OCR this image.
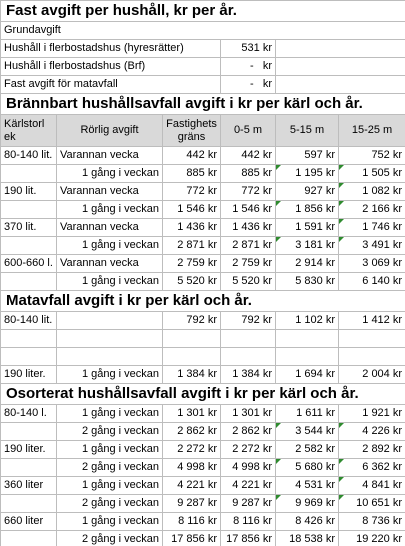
Fast avgift per hushåll, kr per år.					
Grundavgift					
Hushåll i flerbostadshus (hyresrätter)			531 kr		
Hushåll i flerbostadshus (Brf)			- kr		
Fast avgift för matavfall			- kr		
Brännbart hushållsavfall avgift i kr per kärl och år.					
Kärlstorl ek	Rörlig avgift	Fastighets gräns	0-5 m	5-15 m	15-25 m
80-140 lit.	Varannan vecka	442 kr	442 kr	597 kr	752 kr
	1 gång i veckan	885 kr	885 kr	1 195 kr	1 505 kr
190 lit.	Varannan vecka	772 kr	772 kr	927 kr	1 082 kr
	1 gång i veckan	1 546 kr	1 546 kr	1 856 kr	2 166 kr
370 lit.	Varannan vecka	1 436 kr	1 436 kr	1 591 kr	1 746 kr
	1 gång i veckan	2 871 kr	2 871 kr	3 181 kr	3 491 kr
600-660 l.	Varannan vecka	2 759 kr	2 759 kr	2 914 kr	3 069 kr
	1 gång i veckan	5 520 kr	5 520 kr	5 830 kr	6 140 kr
Matavfall avgift i kr per kärl och år.					
80-140 lit.		792 kr	792 kr	1 102 kr	1 412 kr

190 liter.	1 gång i veckan	1 384 kr	1 384 kr	1 694 kr	2 004 kr
Osorterat hushållsavfall avgift i kr per kärl och år.					
80-140 l.	1 gång i veckan	1 301 kr	1 301 kr	1 611 kr	1 921 kr
	2 gång i veckan	2 862 kr	2 862 kr	3 544 kr	4 226 kr
190 liter.	1 gång i veckan	2 272 kr	2 272 kr	2 582 kr	2 892 kr
	2 gång i veckan	4 998 kr	4 998 kr	5 680 kr	6 362 kr
360 liter	1 gång i veckan	4 221 kr	4 221 kr	4 531 kr	4 841 kr
	2 gång i veckan	9 287 kr	9 287 kr	9 969 kr	10 651 kr
660 liter	1 gång i veckan	8 116 kr	8 116 kr	8 426 kr	8 736 kr
	2 gång i veckan	17 856 kr	17 856 kr	18 538 kr	19 220 kr
